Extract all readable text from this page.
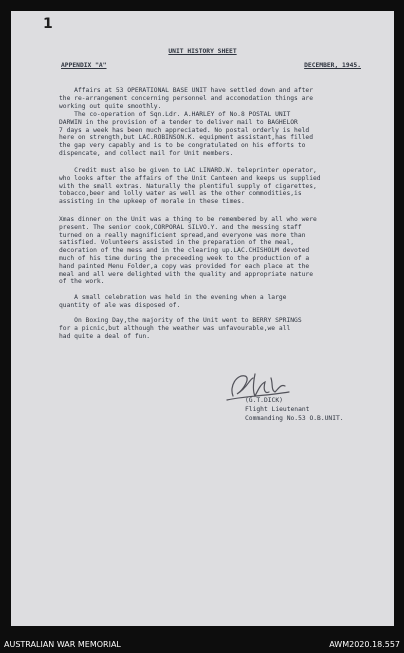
1
UNIT HISTORY SHEET
APPENDIX "A"	DECEMBER, 1945.
Affairs at 53 OPERATIONAL BASE UNIT have settled down and after
the re-arrangement concerning personnel and accomodation things are
working out quite smoothly.
The co-operation of Sqn.Ldr. A.HARLEY of No.8 POSTAL UNIT
DARWIN in the provision of a tender to deliver mail to BAGHELOR
7 days a week has been much appreciated. No postal orderly is held
here on strength,but LAC.ROBINSON.K. equipment assistant,has filled
the gap very capably and is to be congratulated on his efforts to
dispencate, and collect mail for Unit members.
Credit must also be given to LAC LINARD.W. teleprinter operator,
who looks after the affairs of the Unit Canteen and keeps us supplied
with the small extras. Naturally the plentiful supply of cigarettes,
tobacco,beer and lolly water as well as the other commodities,is
assisting in the upkeep of morale in these times.
Xmas dinner on the Unit was a thing to be remembered by all who were
present. The senior cook,CORPORAL SILVO.Y. and the messing staff
turned on a really magnificient spread,and everyone was more than
satisfied. Volunteers assisted in the preparation of the meal,
decoration of the mess and in the clearing up.LAC.CHISHOLM devoted
much of his time during the preceeding week to the production of a
hand painted Menu Folder,a copy was provided for each place at the
meal and all were delighted with the quality and appropriate nature
of the work.
A small celebration was held in the evening when a large
quantity of ale was disposed of.
On Boxing Day,the majority of the Unit went to BERRY SPRINGS
for a picnic,but although the weather was unfavourable,we all
had quite a deal of fun.
(G.T.DICK)
Flight Lieutenant
Commanding No.53 O.B.UNIT.
AUSTRALIAN WAR MEMORIAL	AWM2020.18.557
